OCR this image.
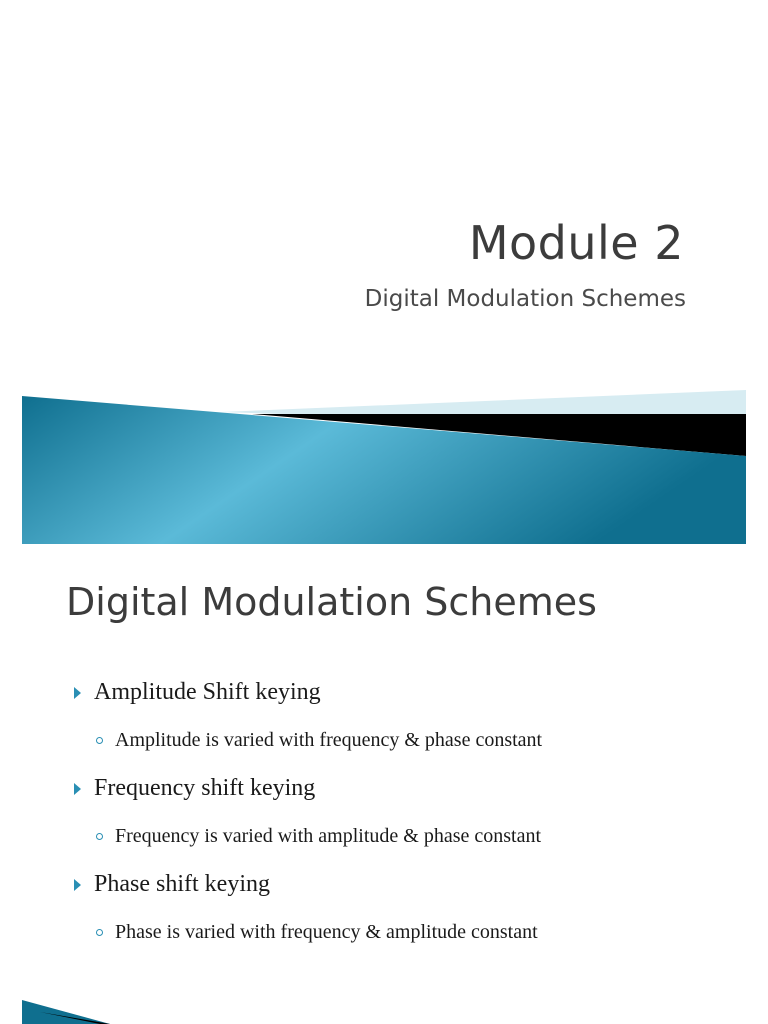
Module 2
Digital Modulation Schemes
Digital Modulation Schemes
Amplitude Shift keying
Amplitude is varied with frequency & phase constant
Frequency shift keying
Frequency is varied with amplitude & phase constant
Phase shift keying
Phase is varied with frequency & amplitude constant
